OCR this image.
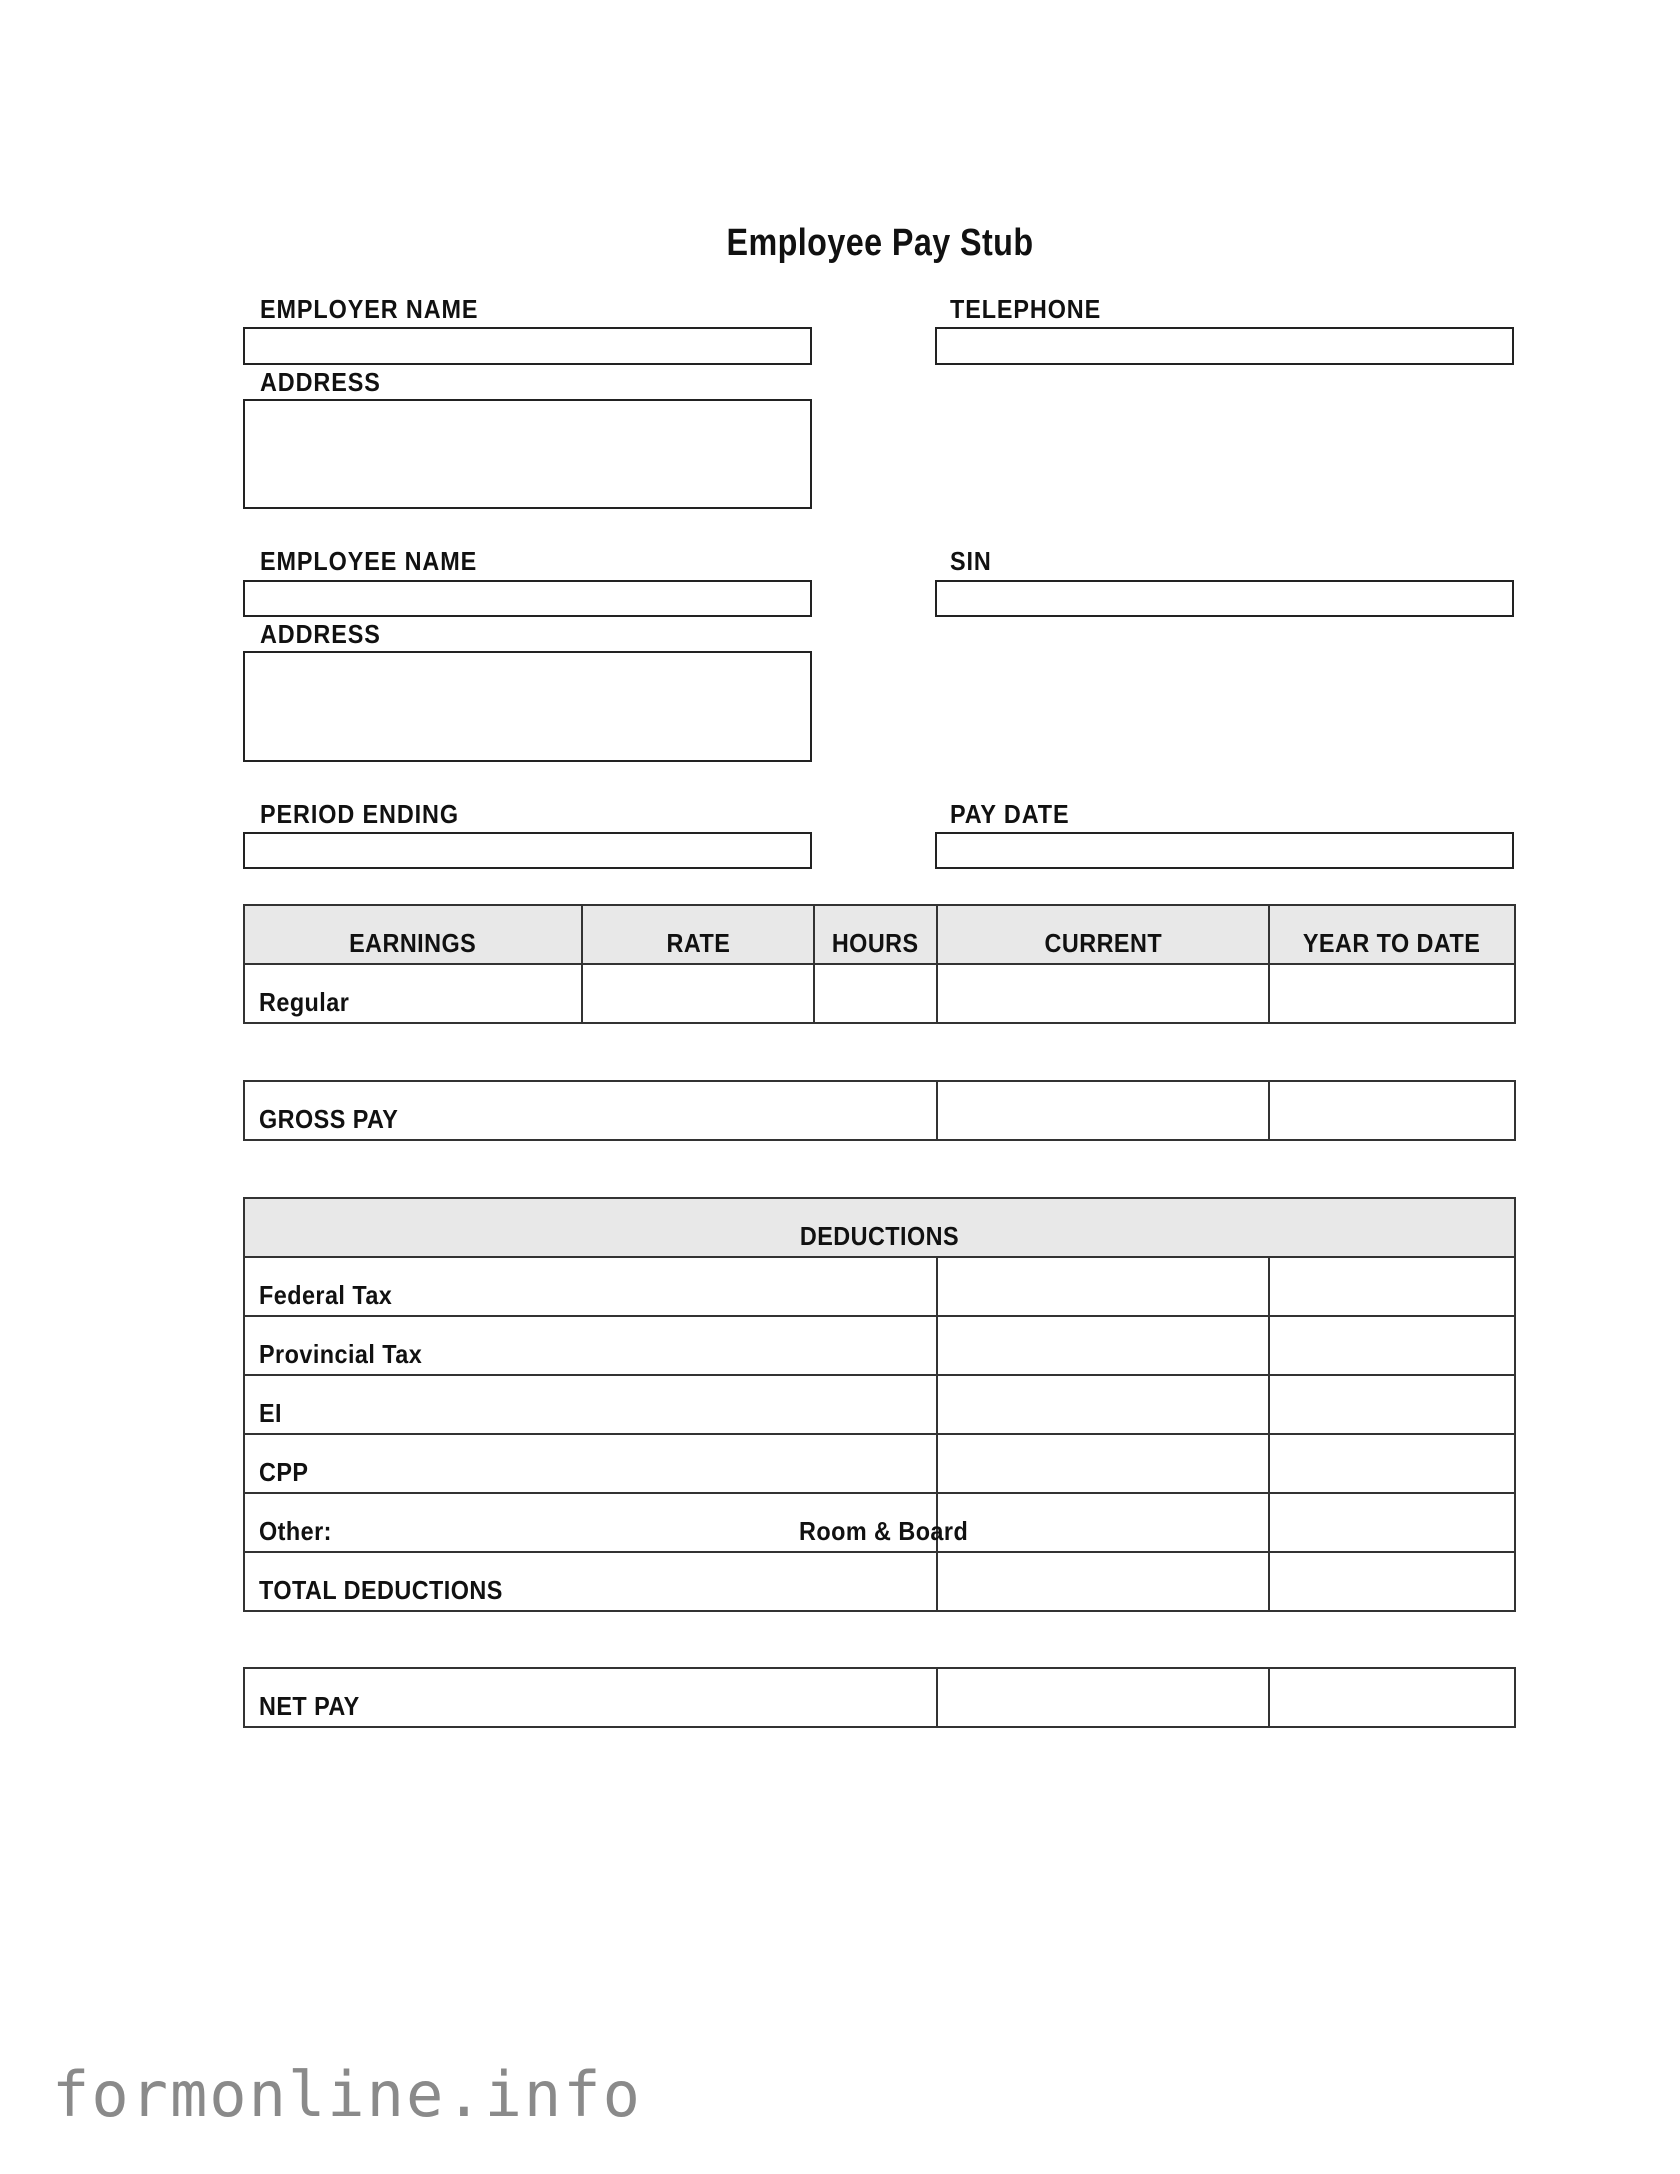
Employee Pay Stub
EMPLOYER NAME	TELEPHONE
ADDRESS
EMPLOYEE NAME	SIN
ADDRESS
PERIOD ENDING	PAY DATE
EARNINGS	RATE	HOURS	CURRENT	YEAR TO DATE
Regular				
GROSS PAY		
DEDUCTIONS		
Federal Tax		
Provincial Tax		
EI		
CPP		
Other: Room & Board		
TOTAL DEDUCTIONS		
NET PAY		
formonline.info
